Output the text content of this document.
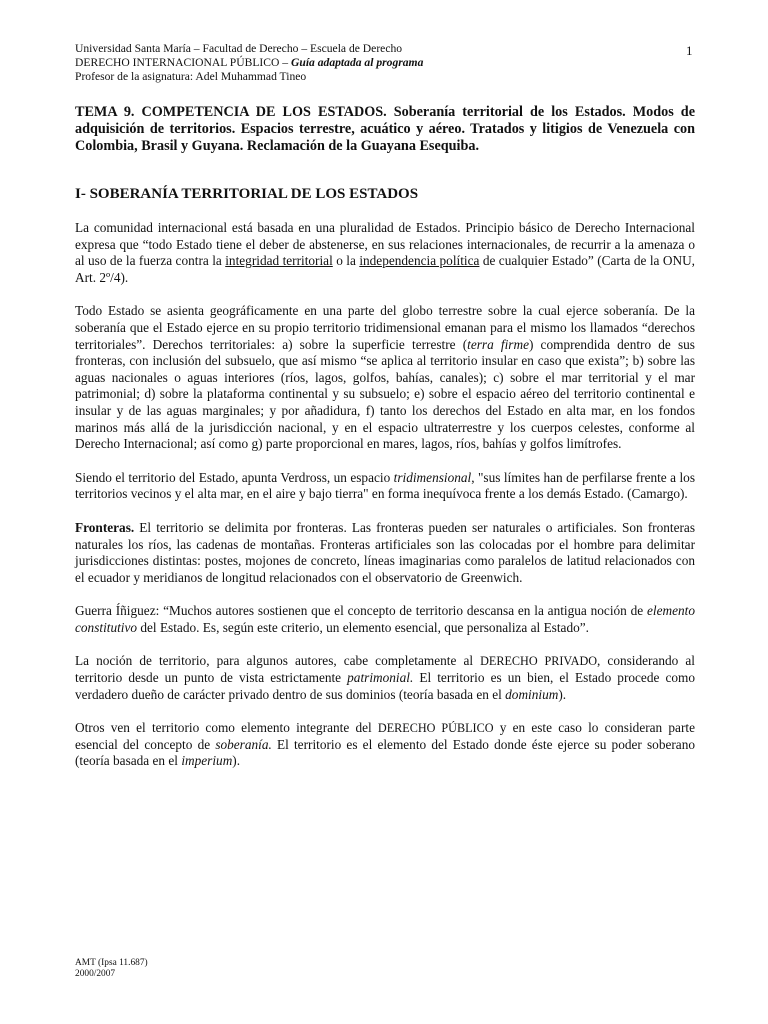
Universidad Santa María – Facultad de Derecho – Escuela de Derecho
DERECHO INTERNACIONAL PÚBLICO – Guía adaptada al programa
Profesor de la asignatura: Adel Muhammad Tineo
1
TEMA 9. COMPETENCIA DE LOS ESTADOS. Soberanía territorial de los Estados. Modos de adquisición de territorios. Espacios terrestre, acuático y aéreo. Tratados y litigios de Venezuela con Colombia, Brasil y Guyana. Reclamación de la Guayana Esequiba.
I- SOBERANÍA TERRITORIAL DE LOS ESTADOS

La comunidad internacional está basada en una pluralidad de Estados. Principio básico de Derecho Internacional expresa que “todo Estado tiene el deber de abstenerse, en sus relaciones internacionales, de recurrir a la amenaza o al uso de la fuerza contra la integridad territorial o la independencia política de cualquier Estado” (Carta de la ONU, Art. 2º/4).

Todo Estado se asienta geográficamente en una parte del globo terrestre sobre la cual ejerce soberanía. De la soberanía que el Estado ejerce en su propio territorio tridimensional emanan para el mismo los llamados “derechos territoriales”. Derechos territoriales: a) sobre la superficie terrestre (terra firme) comprendida dentro de sus fronteras, con inclusión del subsuelo, que así mismo “se aplica al territorio insular en caso que exista”; b) sobre las aguas nacionales o aguas interiores (ríos, lagos, golfos, bahías, canales); c) sobre el mar territorial y el mar patrimonial; d) sobre la plataforma continental y su subsuelo; e) sobre el espacio aéreo del territorio continental e insular y de las aguas marginales; y por añadidura, f) tanto los derechos del Estado en alta mar, en los fondos marinos más allá de la jurisdicción nacional, y en el espacio ultraterrestre y los cuerpos celestes, conforme al Derecho Internacional; así como g) parte proporcional en mares, lagos, ríos, bahías y golfos limítrofes.

Siendo el territorio del Estado, apunta Verdross, un espacio tridimensional, "sus límites han de perfilarse frente a los territorios vecinos y el alta mar, en el aire y bajo tierra" en forma inequívoca frente a los demás Estado. (Camargo).

Fronteras. El territorio se delimita por fronteras. Las fronteras pueden ser naturales o artificiales. Son fronteras naturales los ríos, las cadenas de montañas. Fronteras artificiales son las colocadas por el hombre para delimitar jurisdicciones distintas: postes, mojones de concreto, líneas imaginarias como paralelos de latitud relacionados con el ecuador y meridianos de longitud relacionados con el observatorio de Greenwich.

Guerra Íñiguez: “Muchos autores sostienen que el concepto de territorio descansa en la antigua noción de elemento constitutivo del Estado. Es, según este criterio, un elemento esencial, que personaliza al Estado”.

La noción de territorio, para algunos autores, cabe completamente al DERECHO PRIVADO, considerando al territorio desde un punto de vista estrictamente patrimonial. El territorio es un bien, el Estado procede como verdadero dueño de carácter privado dentro de sus dominios (teoría basada en el dominium).

Otros ven el territorio como elemento integrante del DERECHO PÚBLICO y en este caso lo consideran parte esencial del concepto de soberanía. El territorio es el elemento del Estado donde éste ejerce su poder soberano (teoría basada en el imperium).

AMT (Ipsa 11.687)
2000/2007
